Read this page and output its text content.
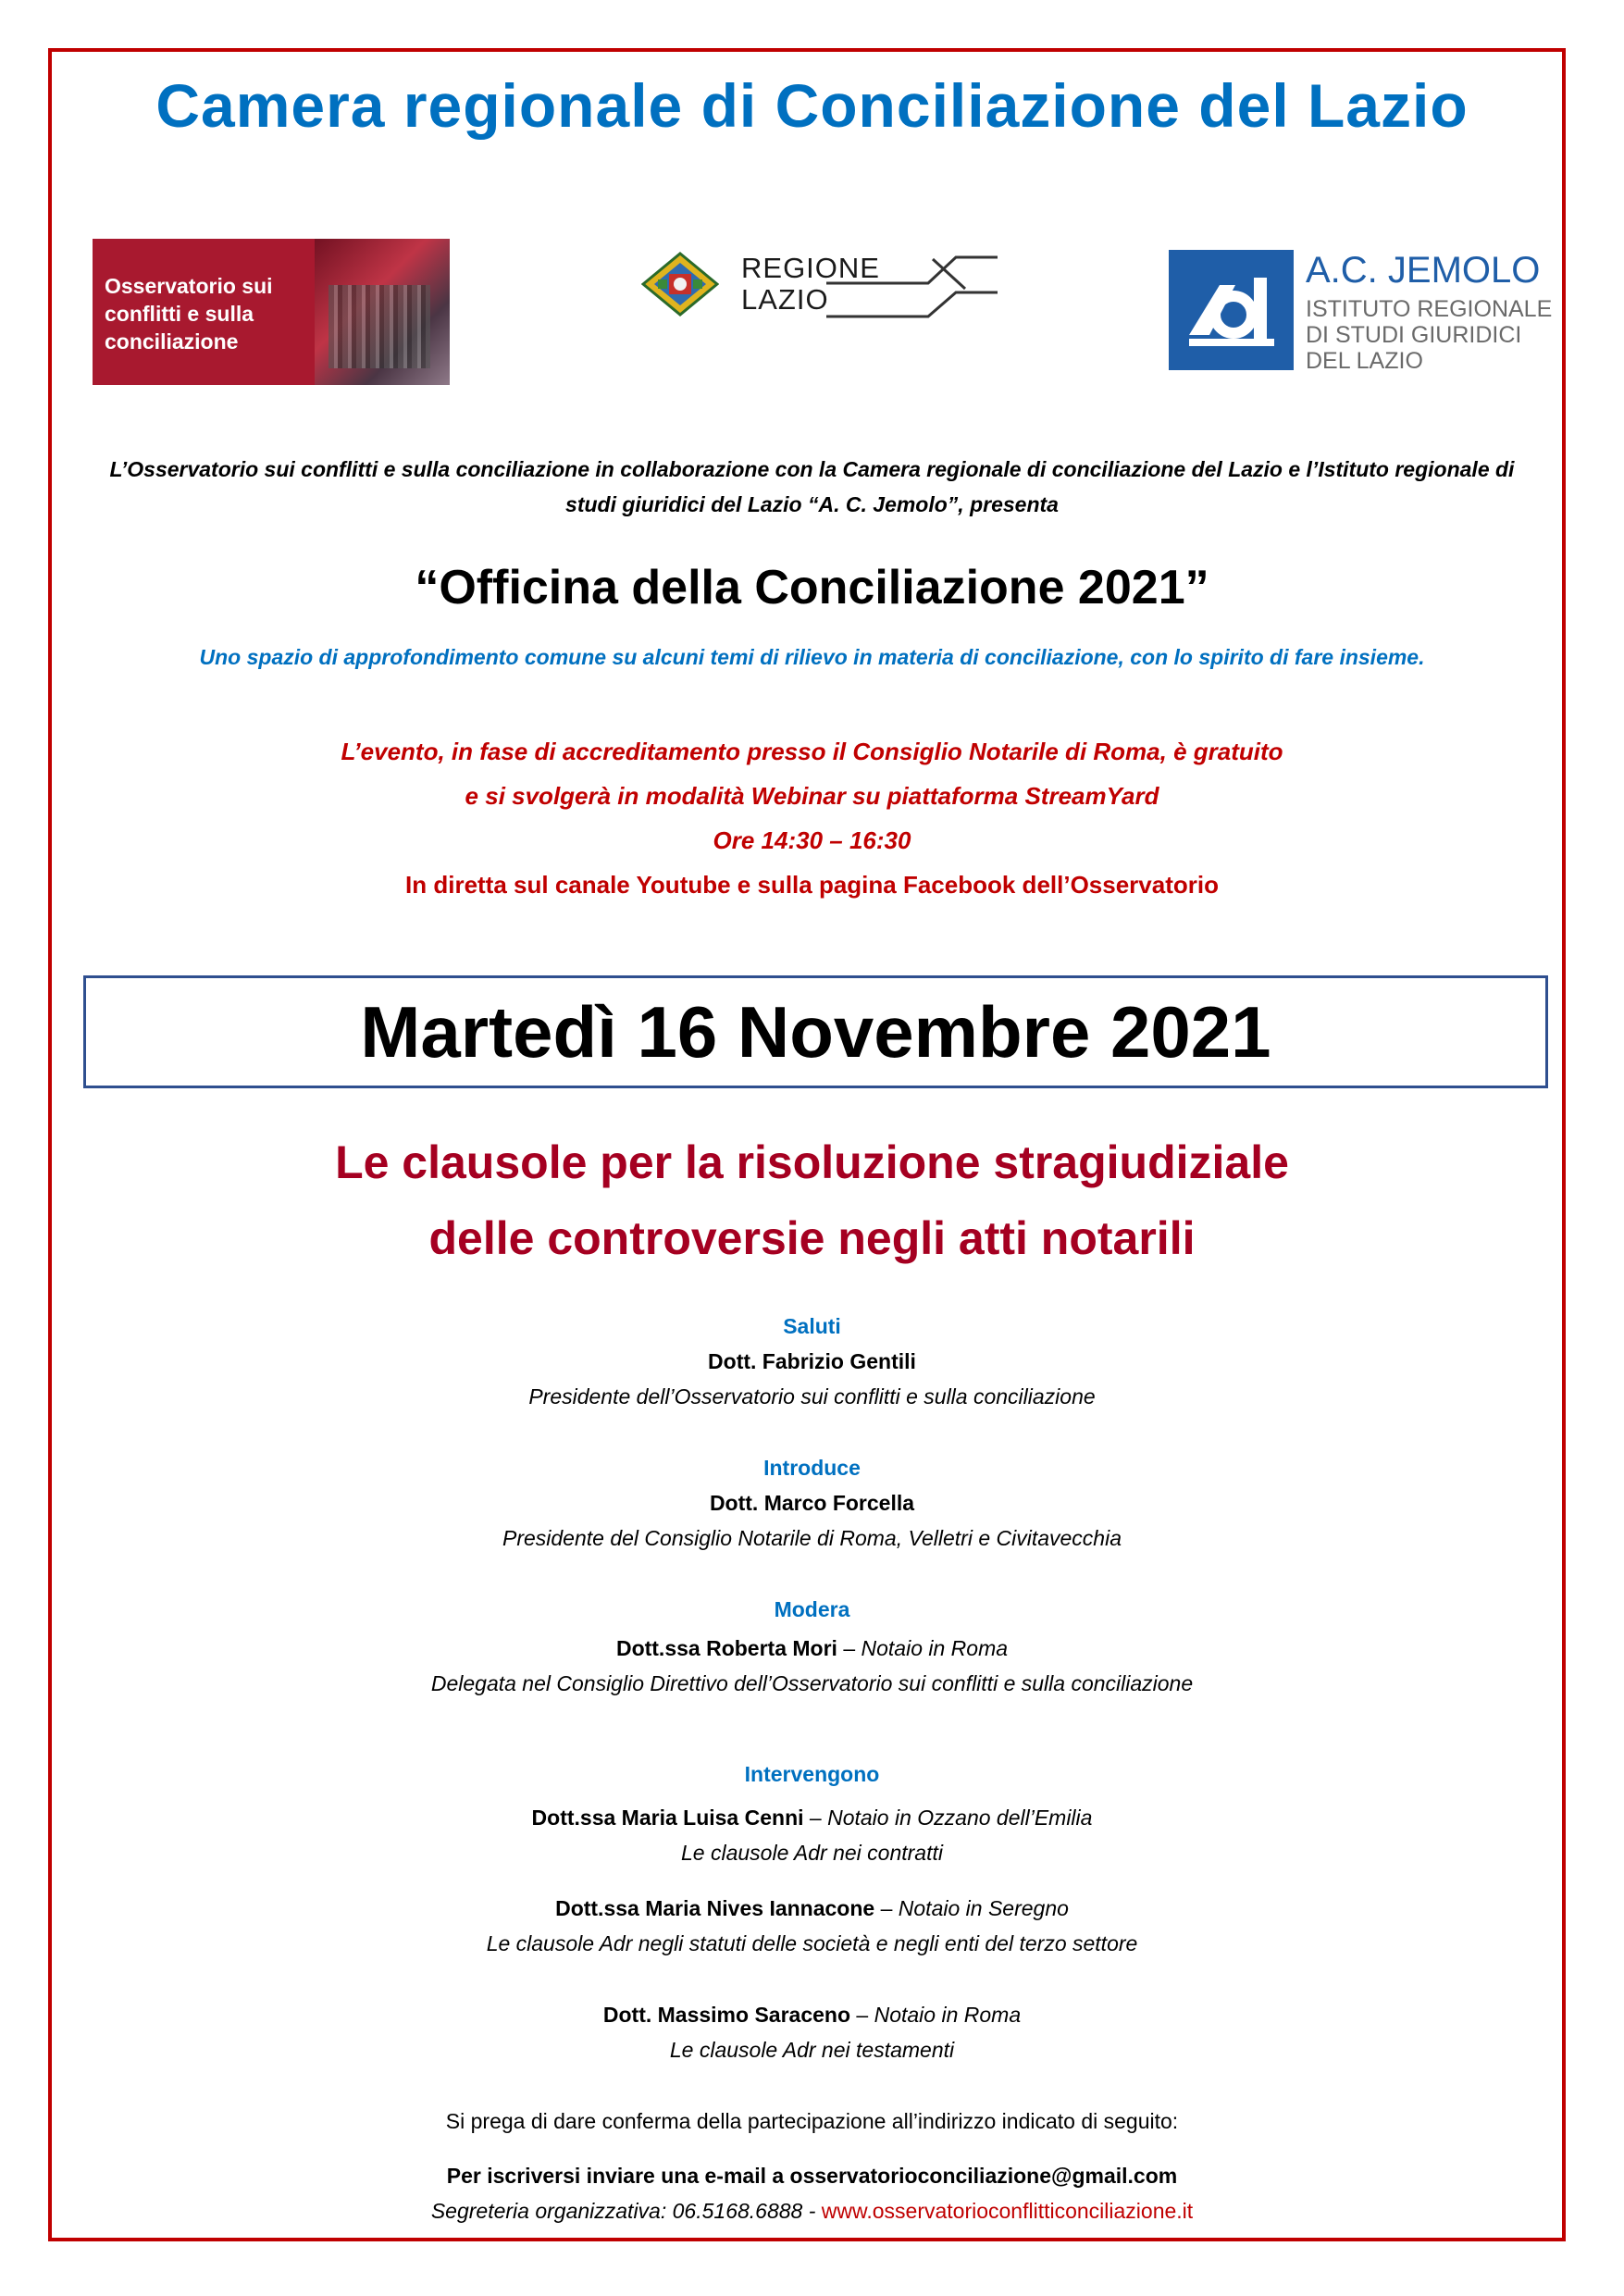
Camera regionale di Conciliazione del Lazio
Osservatorio sui
conflitti e sulla
conciliazione
REGIONE
LAZIO
A.C. JEMOLO
ISTITUTO REGIONALE
DI STUDI GIURIDICI
DEL LAZIO
L’Osservatorio sui conflitti e sulla conciliazione in collaborazione con la Camera regionale di conciliazione del Lazio e l’Istituto regionale di studi giuridici del Lazio “A. C. Jemolo”, presenta
“Officina della Conciliazione 2021”
Uno spazio di approfondimento comune su alcuni temi di rilievo in materia di conciliazione, con lo spirito di fare insieme.
L’evento, in fase di accreditamento presso il Consiglio Notarile di Roma, è gratuito
e si svolgerà in modalità Webinar su piattaforma StreamYard
Ore 14:30 – 16:30
In diretta sul canale Youtube e sulla pagina Facebook dell’Osservatorio
Martedì 16 Novembre 2021
Le clausole per la risoluzione stragiudiziale
delle controversie negli atti notarili
Saluti
Dott. Fabrizio Gentili
Presidente dell’Osservatorio sui conflitti e sulla conciliazione
Introduce
Dott. Marco Forcella
Presidente del Consiglio Notarile di Roma, Velletri e Civitavecchia
Modera
Dott.ssa Roberta Mori – Notaio in Roma
Delegata nel Consiglio Direttivo dell’Osservatorio sui conflitti e sulla conciliazione
Intervengono
Dott.ssa Maria Luisa Cenni – Notaio in Ozzano dell’Emilia
Le clausole Adr nei contratti
Dott.ssa Maria Nives Iannacone – Notaio in Seregno
Le clausole Adr negli statuti delle società e negli enti del terzo settore
Dott. Massimo Saraceno – Notaio in Roma
Le clausole Adr nei testamenti
Si prega di dare conferma della partecipazione all’indirizzo indicato di seguito:
Per iscriversi inviare una e-mail a osservatorioconciliazione@gmail.com
Segreteria organizzativa: 06.5168.6888 - www.osservatorioconflitticonciliazione.it
